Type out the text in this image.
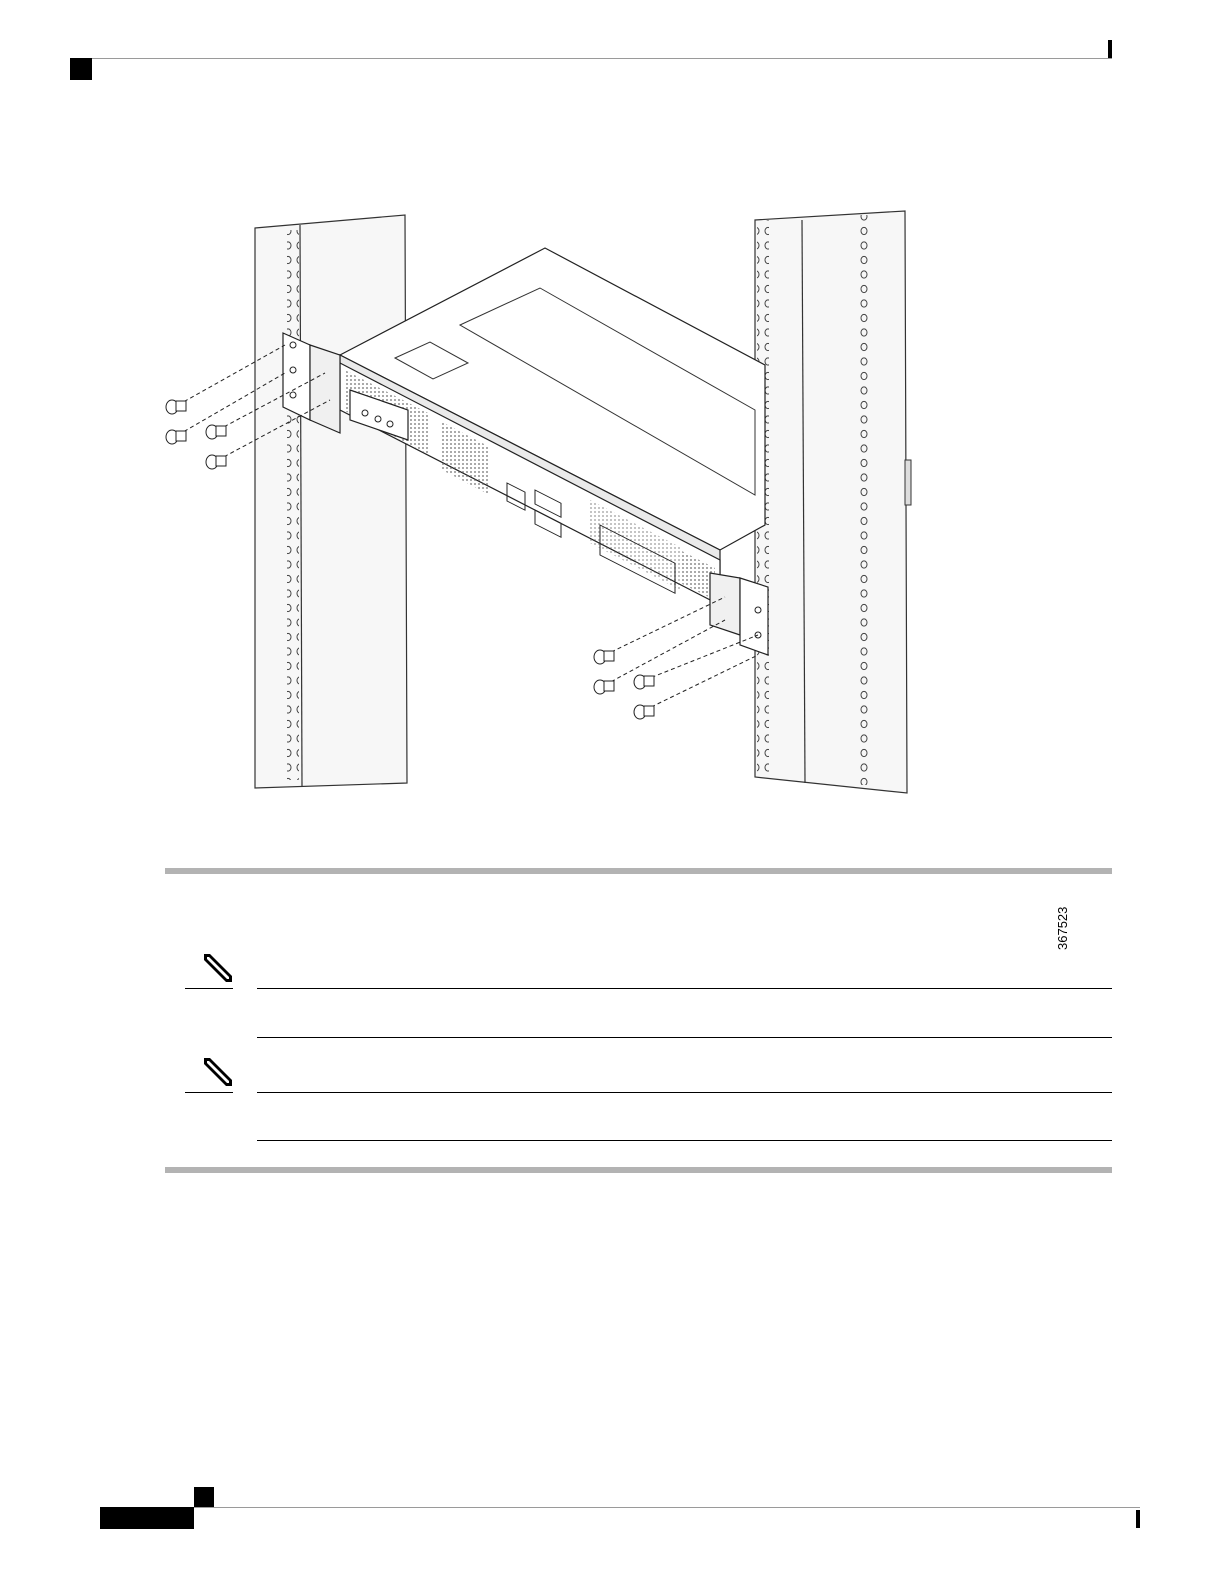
367523
